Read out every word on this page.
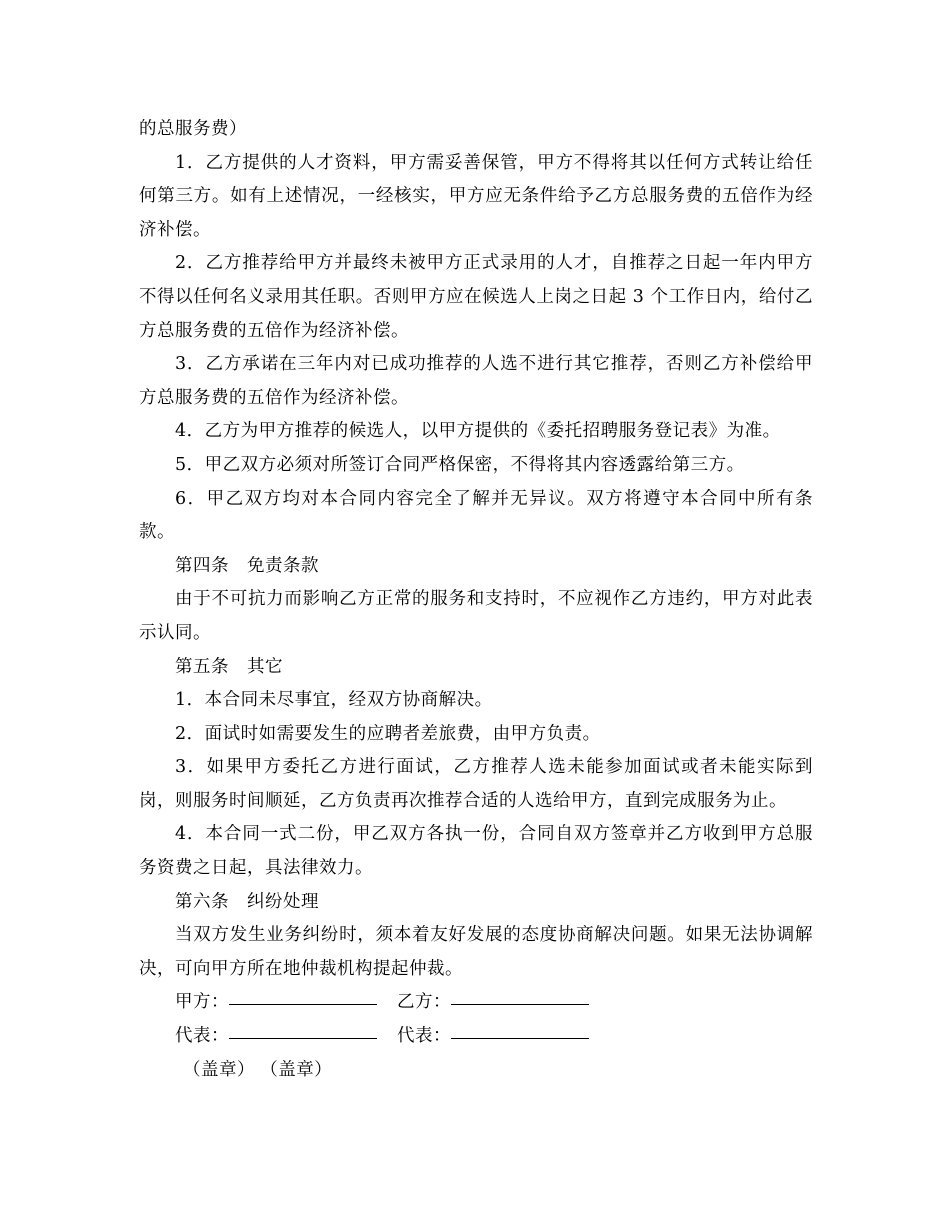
的总服务费）

1．乙方提供的人才资料，甲方需妥善保管，甲方不得将其以任何方式转让给任何第三方。如有上述情况，一经核实，甲方应无条件给予乙方总服务费的五倍作为经济补偿。

2．乙方推荐给甲方并最终未被甲方正式录用的人才，自推荐之日起一年内甲方不得以任何名义录用其任职。否则甲方应在候选人上岗之日起 3 个工作日内，给付乙方总服务费的五倍作为经济补偿。

3．乙方承诺在三年内对已成功推荐的人选不进行其它推荐，否则乙方补偿给甲方总服务费的五倍作为经济补偿。

4．乙方为甲方推荐的候选人，以甲方提供的《委托招聘服务登记表》为准。

5．甲乙双方必须对所签订合同严格保密，不得将其内容透露给第三方。

6．甲乙双方均对本合同内容完全了解并无异议。双方将遵守本合同中所有条款。

第四条　免责条款

由于不可抗力而影响乙方正常的服务和支持时，不应视作乙方违约，甲方对此表示认同。

第五条　其它

1．本合同未尽事宜，经双方协商解决。

2．面试时如需要发生的应聘者差旅费，由甲方负责。

3．如果甲方委托乙方进行面试，乙方推荐人选未能参加面试或者未能实际到岗，则服务时间顺延，乙方负责再次推荐合适的人选给甲方，直到完成服务为止。

4．本合同一式二份，甲乙双方各执一份，合同自双方签章并乙方收到甲方总服务资费之日起，具法律效力。

第六条　纠纷处理

当双方发生业务纠纷时，须本着友好发展的态度协商解决问题。如果无法协调解决，可向甲方所在地仲裁机构提起仲裁。

甲方：	乙方：
代表：	代表：
（盖章） （盖章）
